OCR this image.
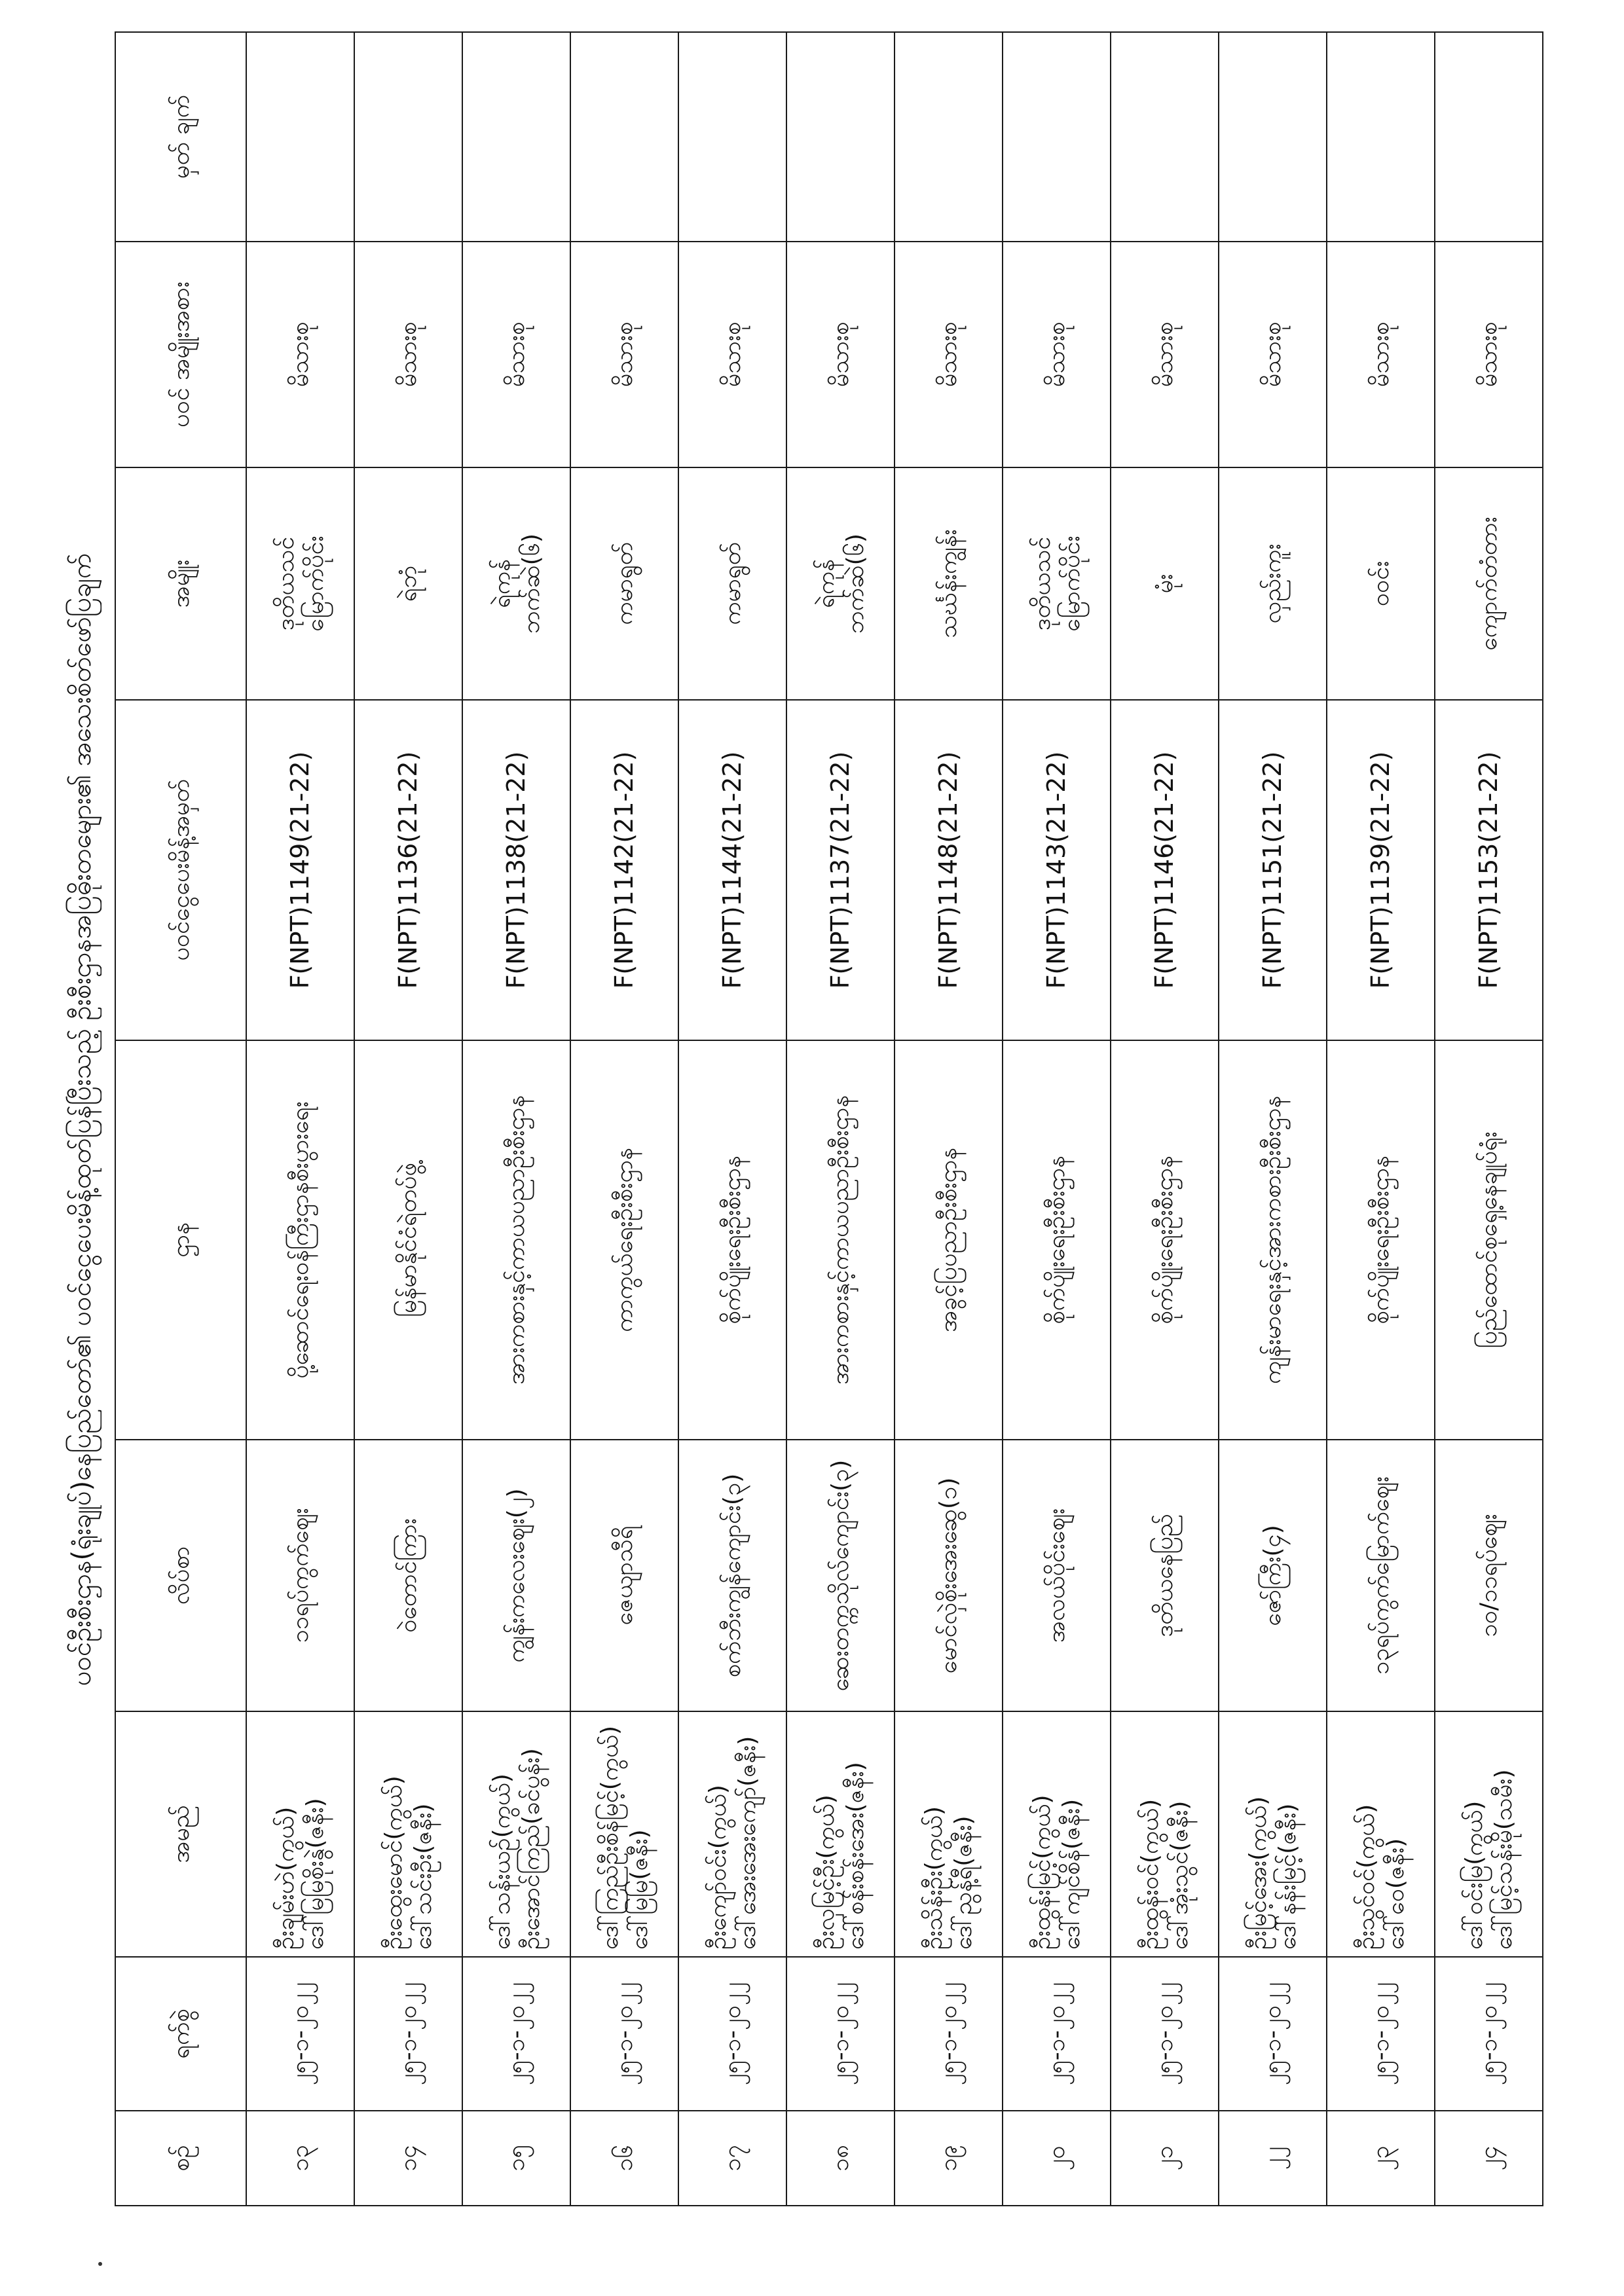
ပဝင်ဦးစီးဌာန(ရုံးချုပ်)နေပြည်တော်၏ ပဝင်ငွေပေးမိန့်ထုတ်ပြန်ပြီးသည့် ဦးစီးဌာနအပြဓိုးတမျေား၏ အသေးစိတ်ဖော်ပြချက်
စဉ်	ရက်စွဲ	အမည်	လိပ်စာ	ဌာန	ပဝင်ငွေပေးမိန့်အမှတ်	အမျိုး	ပဝင် အမျိုးအစား	မှတ် ချက်
၁၃	၂၅-၁-၂၀၂၂	ဦးချမ်းဟဲ(ကွယ်) ဒေါ်မြမြစိုးနွဲ(ဇနီး)	၁၁ရပ်ကွက်ဈေး	ပို့ဆောင်ရေးဝန်ကြီးဌာနစီးပွားရေး	F(NPT)1149(21-22)	ဒုတိယသင် မြောက်ပိုင်း	မိသားစု	
၁၄	၂၅-၁-၂၀၂၂	ဦးထွေးမောင်(ကွယ်) ဒေါ်သင်းဦး(ဇနီး)	ဝဲတောင်ကြား	မြန်မာနိုင်ငံရဲတပ်ဖွဲ့	F(NPT)1136(21-22)	ရဲဘုံ	မိသားစု	
၁၅	၂၅-၁-၂၀၂၂	ဒေါ်သန်းယဉ်(ကွယ်) ဦးအောင်ကြည်(ခင်ပွန်း)	ကျွန်းကလေးဈေး(၂)	အားကစားနှင့်ကာယပညာဦးစီးဌာန	F(NPT)1138(21-22)	ရဲကုန် ဘက်ဆဲ(၆)	မိသားစု	
၁၆	၂၅-၁-၂၀၂၂	ဒေါ်ကြည်ဦးစိန်မြင့်(ကွယ်) ဒေါ်မြမြ(ဇနီး)	ဇေယျာသီရိ	ကာကွယ်ရေးဦးစီးဌာန	F(NPT)1142(21-22)	ကမာရွတ်	မိသားစု	
၁၇	၂၅-၁-၂၀၂၂	ဦးကျော်ဝင်း(ကွယ်) ဒေါ်အေးအေးကျော်(ဇနီး)	စက်ဘီးကျွန်ကျောင်း(၃)	စိုက်ပျိုးရေးဦးစီးဌာန	F(NPT)1144(21-22)	ကမာရွတ်	မိသားစု	
၁၈	၂၅-၁-၂၀၂၂	ဦးလှမြင့်ဦး(ကွယ်) ဒေါ်စန်းစန်းအေး(ဇနီး)	ဆေးတက္ကသိုလ်ကျောင်း(၃)	အားကစားနှင့်ကာယပညာဦးစီးဌာန	F(NPT)1137(21-22)	ရဲကုန် ဘက်ဆဲ(၆)	မိသားစု	
၁၉	၂၅-၁-၂၀၂၂	ဦးသိန်းဦး(ကွယ်) ဒေါ်ညွန့်ရီ(ဇနီး)	မောင်လှဲစိုးအေးဆွေ(၁)	အခွင့်ပြပညာဦးစီးဌာန	F(NPT)1148(21-22)	သင်္ဃန်းကျွန်း	မိသားစု	
၂၀	၂၅-၁-၂၀၂၂	ဦးထွန်းမြင့်(ကွယ်) ဒေါ်ကျင်စိန်(ဇနီး)	အလယ်ပိုင်းဈေး	စိုက်ပျိုးရေးဦးစီးဌာန	F(NPT)1143(21-22)	ဒုတိယသင် မြောက်ပိုင်း	မိသားစု	
၂၁	၂၅-၁-၂၀၂၂	ဦးထွန်းဝင်(ကွယ်) ဒေါ်အုံးသွင်(ဇနီး)	ဒုတိယနေပြည်	စိုက်ပျိုးရေးဦးစီးဌာန	F(NPT)1146(21-22)	မုံး	မိသားစု	
၂၂	၂၅-၁-၂၀၂၂	ဦးမြင့်အေး(ကွယ်) ဒေါ်နန်းမြင့်(ဇနီး)	ဇော်ကြီး(၄)	ကျန်းမာရေးနှင့်အားကစားဦးစီးဌာန	F(NPT)1151(21-22)	လှည်းကူး	မိသားစု	
၂၃	၂၅-၁-၂၀၂၂	ဦးသွင်ဝင်(ကွယ်) ဒေါ်ဝေ(ဇနီး)	၁၃ရပ်ကွက်မြောက်ဈေး	စိုက်ပျိုးရေးဦးစီးဌာန	F(NPT)1139(21-22)	ဝဝင်း	မိသားစု	
၂၄	၂၅-၁-၂၀၂၂	ဒေါ်ဝင်းမြ(ကွယ်) ဒေါ်မြင့်သန်းမို(သမီး)	၁၀/၁၁ရပ်ဈေး	ပြည်ထောင်စုရှေ့နေချုပ်ရုံး	F(NPT)1153(21-22)	ကျောက်တံတား	မိသားစု	
